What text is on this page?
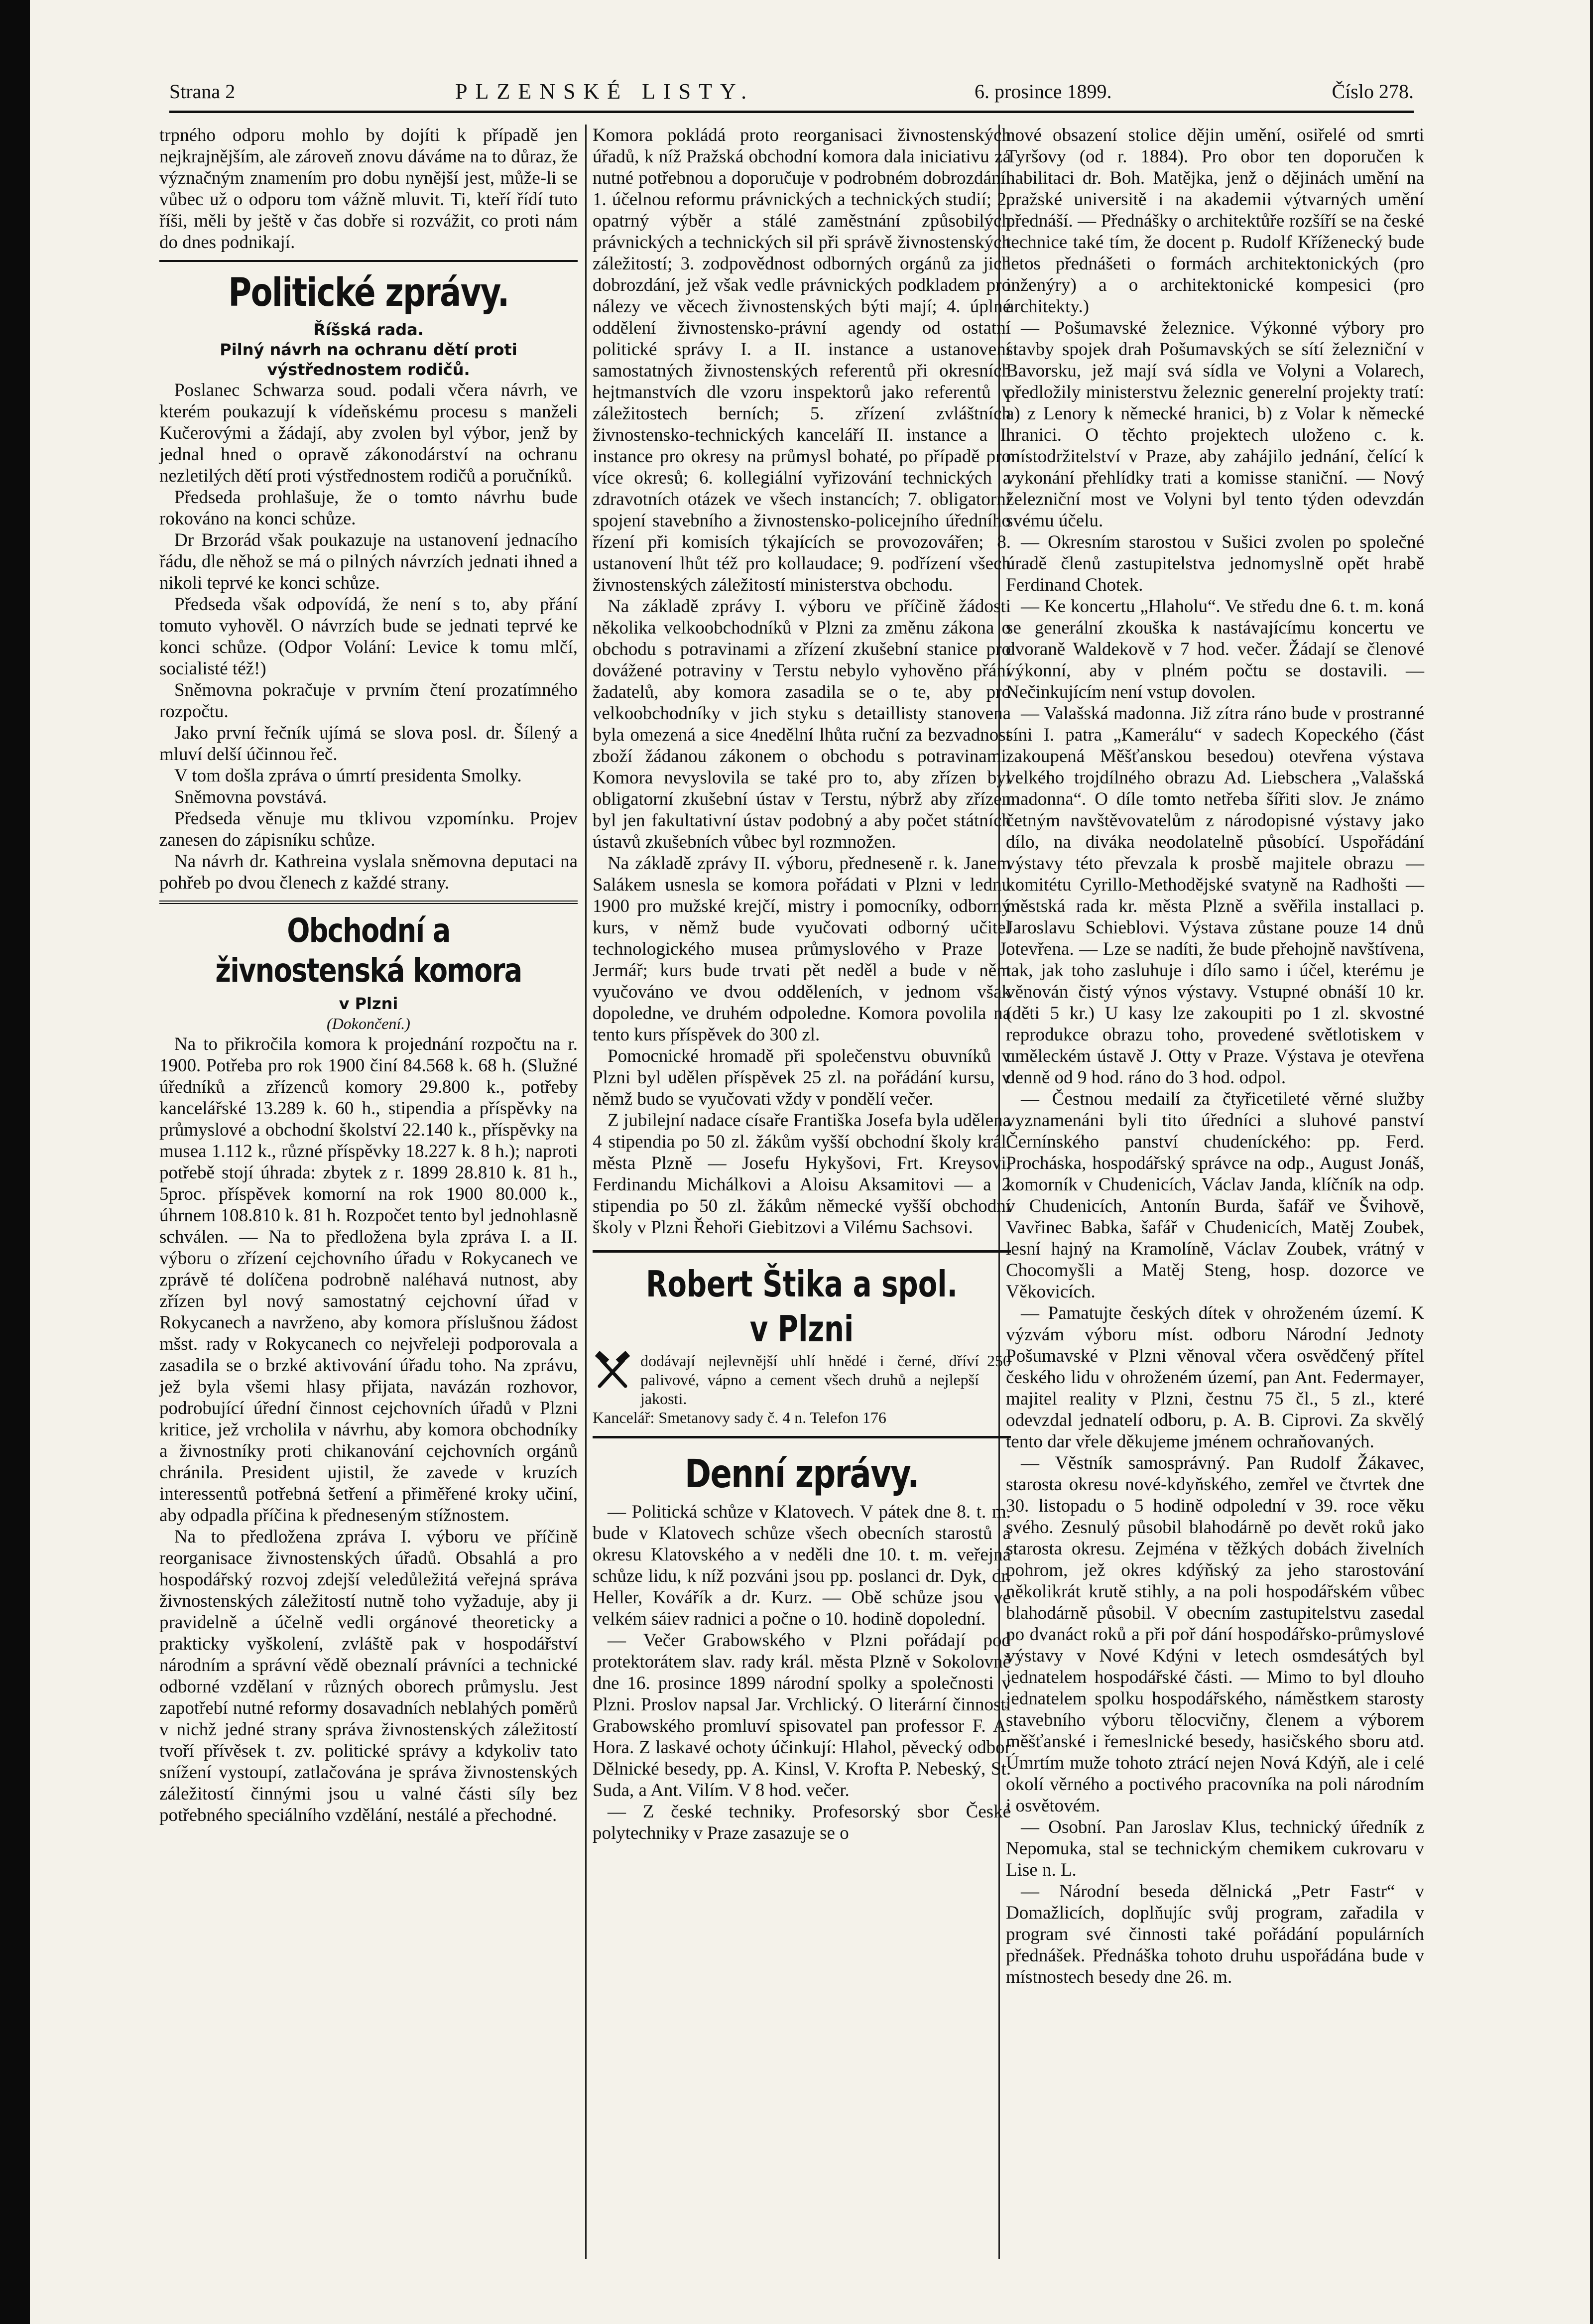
Strana 2	PLZENSKÉ LISTY.	6. prosince 1899.	Číslo 278.

trpného odporu mohlo by dojíti k případě jen nejkrajnějším, ale zároveň znovu dáváme na to důraz, že význačným znamením pro dobu nynější jest, může-li se vůbec už o odporu tom vážně mluvit. Ti, kteří řídí tuto říši, měli by ještě v čas dobře si rozvážit, co proti nám do dnes podnikají.

Politické zprávy.
Říšská rada.
Pilný návrh na ochranu dětí proti výstřednostem rodičů.

Poslanec Schwarza soud. podali včera návrh, ve kterém poukazují k vídeňskému procesu s manželi Kučerovými a žádají, aby zvolen byl výbor, jenž by jednal hned o opravě zákonodárství na ochranu nezletilých dětí proti výstřednostem rodičů a poručníků.

Předseda prohlašuje, že o tomto návrhu bude rokováno na konci schůze.

Dr Brzorád však poukazuje na ustanovení jednacího řádu, dle něhož se má o pilných návrzích jednati ihned a nikoli teprvé ke konci schůze.

Předseda však odpovídá, že není s to, aby přání tomuto vyhověl. O návrzích bude se jednati teprvé ke konci schůze. (Odpor Volání: Levice k tomu mlčí, socialisté též!)

Sněmovna pokračuje v prvním čtení prozatímného rozpočtu.

Jako první řečník ujímá se slova posl. dr. Šílený a mluví delší účinnou řeč.

V tom došla zpráva o úmrtí presidenta Smolky.

Sněmovna povstává.

Předseda věnuje mu tklivou vzpomínku. Projev zanesen do zápisníku schůze.

Na návrh dr. Kathreina vyslala sněmovna deputaci na pohřeb po dvou členech z každé strany.

Obchodní a živnostenská komora
v Plzni
(Dokončení.)

Na to přikročila komora k projednání rozpočtu na r. 1900. Potřeba pro rok 1900 činí 84.568 k. 68 h. (Služné úředníků a zřízenců komory 29.800 k., potřeby kancelářské 13.289 k. 60 h., stipendia a příspěvky na průmyslové a obchodní školství 22.140 k., příspěvky na musea 1.112 k., různé příspěvky 18.227 k. 8 h.); naproti potřebě stojí úhrada: zbytek z r. 1899 28.810 k. 81 h., 5proc. příspěvek komorní na rok 1900 80.000 k., úhrnem 108.810 k. 81 h. Rozpočet tento byl jednohlasně schválen. — Na to předložena byla zpráva I. a II. výboru o zřízení cejchovního úřadu v Rokycanech ve zprávě té dolíčena podrobně naléhavá nutnost, aby zřízen byl nový samostatný cejchovní úřad v Rokycanech a navrženo, aby komora příslušnou žádost mšst. rady v Rokycanech co nejvřeleji podporovala a zasadila se o brzké aktivování úřadu toho. Na zprávu, jež byla všemi hlasy přijata, navázán rozhovor, podrobující úřední činnost cejchovních úřadů v Plzni kritice, jež vrcholila v návrhu, aby komora obchodníky a živnostníky proti chikanování cejchovních orgánů chránila. President ujistil, že zavede v kruzích interessentů potřebná šetření a přiměřené kroky učiní, aby odpadla příčina k předneseným stížnostem.

Na to předložena zpráva I. výboru ve příčině reorganisace živnostenských úřadů. Obsahlá a pro hospodářský rozvoj zdejší veledůležitá veřejná správa živnostenských záležitostí nutně toho vyžaduje, aby ji pravidelně a účelně vedli orgánové theoreticky a prakticky vyškolení, zvláště pak v hospodářství národním a správní vědě obeznalí právníci a technické odborné vzdělaní v různých oborech průmyslu. Jest zapotřebí nutné reformy dosavadních neblahých poměrů v nichž jedné strany správa živnostenských záležitostí tvoří přívěsek t. zv. politické správy a kdykoliv tato snížení vystoupí, zatlačována je správa živnostenských záležitostí činnými jsou u valné části síly bez potřebného speciálního vzdělání, nestálé a přechodné.

Komora pokládá proto reorganisaci živnostenských úřadů, k níž Pražská obchodní komora dala iniciativu za nutné potřebnou a doporučuje v podrobném dobrozdání: 1. účelnou reformu právnických a technických studií; 2. opatrný výběr a stálé zaměstnání způsobilých právnických a technických sil při správě živnostenských záležitostí; 3. zodpovědnost odborných orgánů za jich dobrozdání, jež však vedle právnických podkladem pro nálezy ve věcech živnostenských býti mají; 4. úplné oddělení živnostensko-právní agendy od ostatní politické správy I. a II. instance a ustanovení samostatných živnostenských referentů při okresních hejtmanstvích dle vzoru inspektorů jako referentů v záležitostech berních; 5. zřízení zvláštních živnostensko-technických kanceláří II. instance a I. instance pro okresy na průmysl bohaté, po případě pro více okresů; 6. kollegiální vyřizování technických a zdravotních otázek ve všech instancích; 7. obligatorní spojení stavebního a živnostensko-policejního úředního řízení při komisích týkajících se provozovářen; 8. ustanovení lhůt též pro kollaudace; 9. podřízení všech živnostenských záležitostí ministerstva obchodu.

Na základě zprávy I. výboru ve příčině žádosti několika velkoobchodníků v Plzni za změnu zákona o obchodu s potravinami a zřízení zkušební stanice pro dovážené potraviny v Terstu nebylo vyhověno přání žadatelů, aby komora zasadila se o te, aby pro velkoobchodníky v jich styku s detaillisty stanovena byla omezená a sice 4nedělní lhůta ruční za bezvadnost zboží žádanou zákonem o obchodu s potravinami. Komora nevyslovila se také pro to, aby zřízen byl obligatorní zkušební ústav v Terstu, nýbrž aby zřízen byl jen fakultativní ústav podobný a aby počet státních ústavů zkušebních vůbec byl rozmnožen.

Na základě zprávy II. výboru, předneseně r. k. Janem Salákem usnesla se komora pořádati v Plzni v lednu 1900 pro mužské krejčí, mistry i pomocníky, odborný kurs, v němž bude vyučovati odborný učitel technologického musea průmyslového v Praze J. Jermář; kurs bude trvati pět neděl a bude v něm vyučováno ve dvou odděleních, v jednom však dopoledne, ve druhém odpoledne. Komora povolila na tento kurs příspěvek do 300 zl.

Pomocnické hromadě při společenstvu obuvníků v Plzni byl udělen příspěvek 25 zl. na pořádání kursu, v němž budo se vyučovati vždy v pondělí večer.

Z jubilejní nadace císaře Františka Josefa byla udělena 4 stipendia po 50 zl. žákům vyšší obchodní školy král. města Plzně — Josefu Hykyšovi, Frt. Kreysovi, Ferdinandu Michálkovi a Aloisu Aksamitovi — a 2 stipendia po 50 zl. žákům německé vyšší obchodní školy v Plzni Řehoři Giebitzovi a Vilému Sachsovi.

Robert Štika a spol. v Plzni
dodávají nejlevnější uhlí hnědé i černé, dříví palivové, vápno a cement všech druhů a nejlepší jakosti.
250
Kancelář: Smetanovy sady č. 4 n. Telefon 176
Denní zprávy.

— Politická schůze v Klatovech. V pátek dne 8. t. m. bude v Klatovech schůze všech obecních starostů a okresu Klatovského a v neděli dne 10. t. m. veřejná schůze lidu, k níž pozváni jsou pp. poslanci dr. Dyk, dr. Heller, Kovářík a dr. Kurz. — Obě schůze jsou ve velkém sáiev radnici a počne o 10. hodině dopolední.

— Večer Grabowského v Plzni pořádají pod protektorátem slav. rady král. města Plzně v Sokolovně dne 16. prosince 1899 národní spolky a společnosti v Plzni. Proslov napsal Jar. Vrchlický. O literární činnosti Grabowského promluví spisovatel pan professor F. A. Hora. Z laskavé ochoty účinkují: Hlahol, pěvecký odbor Dělnické besedy, pp. A. Kinsl, V. Krofta P. Nebeský, St. Suda, a Ant. Vilím. V 8 hod. večer.

— Z české techniky. Profesorský sbor České polytechniky v Praze zasazuje se o

nové obsazení stolice dějin umění, osiřelé od smrti Tyršovy (od r. 1884). Pro obor ten doporučen k habilitaci dr. Boh. Matějka, jenž o dějinách umění na pražské universitě i na akademii výtvarných umění přednáší. — Přednášky o architektůře rozšíří se na české technice také tím, že docent p. Rudolf Kříženecký bude letos přednášeti o formách architektonických (pro inženýry) a o architektonické kompesici (pro architekty.)

— Pošumavské železnice. Výkonné výbory pro stavby spojek drah Pošumavských se sítí železniční v Bavorsku, jež mají svá sídla ve Volyni a Volarech, předložily ministerstvu železnic generelní projekty tratí: a) z Lenory k německé hranici, b) z Volar k německé hranici. O těchto projektech uloženo c. k. místodržitelství v Praze, aby zahájilo jednání, čelící k vykonání přehlídky trati a komisse staniční. — Nový železniční most ve Volyni byl tento týden odevzdán svému účelu.

— Okresním starostou v Sušici zvolen po společné úradě členů zastupitelstva jednomyslně opět hrabě Ferdinand Chotek.

— Ke koncertu „Hlaholu“. Ve středu dne 6. t. m. koná se generální zkouška k nastávajícímu koncertu ve dvoraně Waldekově v 7 hod. večer. Žádají se členové výkonní, aby v plném počtu se dostavili. — Nečinkujícím není vstup dovolen.

— Valašská madonna. Již zítra ráno bude v prostranné síni I. patra „Kamerálu“ v sadech Kopeckého (část zakoupená Měšťanskou besedou) otevřena výstava velkého trojdílného obrazu Ad. Liebschera „Valašská madonna“. O díle tomto netřeba šířiti slov. Je známo četným navštěvovatelům z národopisné výstavy jako dílo, na diváka neodolatelně působící. Uspořádání výstavy této převzala k prosbě majitele obrazu — komitétu Cyrillo-Methodějské svatyně na Radhošti — městská rada kr. města Plzně a svěřila installaci p. Jaroslavu Schieblovi. Výstava zůstane pouze 14 dnů otevřena. — Lze se nadíti, že bude přehojně navštívena, tak, jak toho zasluhuje i dílo samo i účel, kterému je věnován čistý výnos výstavy. Vstupné obnáší 10 kr. (děti 5 kr.) U kasy lze zakoupiti po 1 zl. skvostné reprodukce obrazu toho, provedené světlotiskem v uměleckém ústavě J. Otty v Praze. Výstava je otevřena denně od 9 hod. ráno do 3 hod. odpol.

— Čestnou medailí za čtyřicetileté věrné služby vyznamenáni byli tito úředníci a sluhové panství Černínského panství chudeníckého: pp. Ferd. Procháska, hospodářský správce na odp., August Jonáš, komorník v Chudenicích, Václav Janda, klíčník na odp. v Chudenicích, Antonín Burda, šafář ve Švihově, Vavřinec Babka, šafář v Chudenicích, Matěj Zoubek, lesní hajný na Kramolíně, Václav Zoubek, vrátný v Chocomyšli a Matěj Steng, hosp. dozorce ve Věkovicích.

— Pamatujte českých dítek v ohroženém území. K výzvám výboru míst. odboru Národní Jednoty Pošumavské v Plzni věnoval včera osvědčený přítel českého lidu v ohroženém území, pan Ant. Federmayer, majitel reality v Plzni, čestnu 75 čl., 5 zl., které odevzdal jednatelí odboru, p. A. B. Ciprovi. Za skvělý tento dar vřele děkujeme jménem ochraňovaných.

— Věstník samosprávný. Pan Rudolf Žákavec, starosta okresu nové-kdyňského, zemřel ve čtvrtek dne 30. listopadu o 5 hodině odpolední v 39. roce věku svého. Zesnulý působil blahodárně po devět roků jako starosta okresu. Zejména v těžkých dobách živelních pohrom, jež okres kdýňský za jeho starostování několikrát krutě stihly, a na poli hospodářském vůbec blahodárně působil. V obecním zastupitelstvu zasedal po dvanáct roků a při poř dání hospodářsko-průmyslové výstavy v Nové Kdýni v letech osmdesátých byl jednatelem hospodářské části. — Mimo to byl dlouho jednatelem spolku hospodářského, náměstkem starosty stavebního výboru tělocvičny, členem a výborem měšťanské i řemeslnické besedy, hasičského sboru atd. Úmrtím muže tohoto ztrácí nejen Nová Kdýň, ale i celé okolí věrného a poctivého pracovníka na poli národním i osvětovém.

— Osobní. Pan Jaroslav Klus, technický úředník z Nepomuka, stal se technickým chemikem cukrovaru v Lise n. L.

— Národní beseda dělnická „Petr Fastr“ v Domažlicích, doplňujíc svůj program, zařadila v program své činnosti také pořádání populárních přednášek. Přednáška tohoto druhu uspořádána bude v místnostech besedy dne 26. m.
